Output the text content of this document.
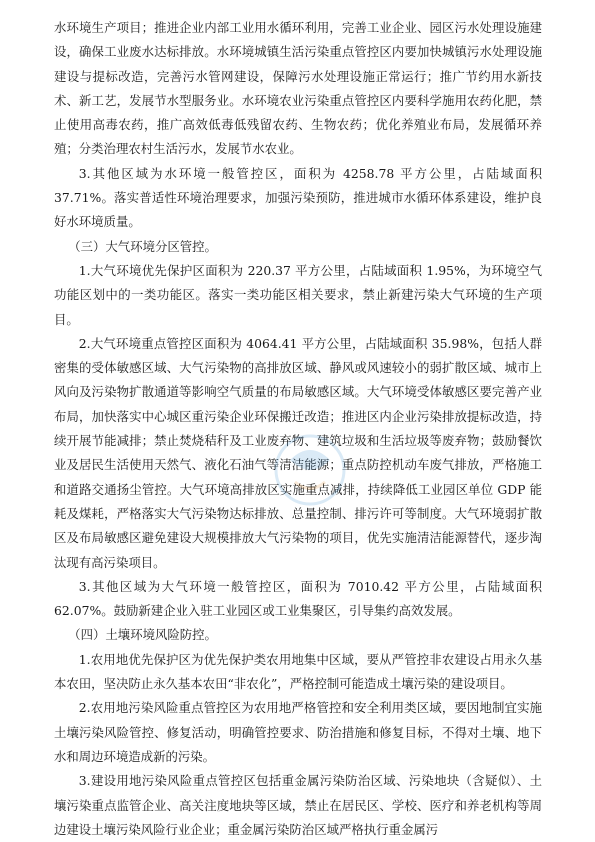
水环境生产项目；推进企业内部工业用水循环利用，完善工业企业、园区污水处理设施建设，确保工业废水达标排放。水环境城镇生活污染重点管控区内要加快城镇污水处理设施建设与提标改造，完善污水管网建设，保障污水处理设施正常运行；推广节约用水新技术、新工艺，发展节水型服务业。水环境农业污染重点管控区内要科学施用农药化肥，禁止使用高毒农药，推广高效低毒低残留农药、生物农药；优化养殖业布局，发展循环养殖；分类治理农村生活污水，发展节水农业。

3.其他区域为水环境一般管控区，面积为 4258.78 平方公里，占陆域面积 37.71%。落实普适性环境治理要求，加强污染预防，推进城市水循环体系建设，维护良好水环境质量。

（三）大气环境分区管控。

1.大气环境优先保护区面积为 220.37 平方公里，占陆域面积 1.95%，为环境空气功能区划中的一类功能区。落实一类功能区相关要求，禁止新建污染大气环境的生产项目。

2.大气环境重点管控区面积为 4064.41 平方公里，占陆域面积 35.98%，包括人群密集的受体敏感区域、大气污染物的高排放区域、静风或风速较小的弱扩散区域、城市上风向及污染物扩散通道等影响空气质量的布局敏感区域。大气环境受体敏感区要完善产业布局，加快落实中心城区重污染企业环保搬迁改造；推进区内企业污染排放提标改造，持续开展节能减排；禁止焚烧秸秆及工业废弃物、建筑垃圾和生活垃圾等废弃物；鼓励餐饮业及居民生活使用天然气、液化石油气等清洁能源；重点防控机动车废气排放，严格施工和道路交通扬尘管控。大气环境高排放区实施重点减排，持续降低工业园区单位 GDP 能耗及煤耗，严格落实大气污染物达标排放、总量控制、排污许可等制度。大气环境弱扩散区及布局敏感区避免建设大规模排放大气污染物的项目，优先实施清洁能源替代，逐步淘汰现有高污染项目。

3.其他区域为大气环境一般管控区，面积为 7010.42 平方公里，占陆域面积 62.07%。鼓励新建企业入驻工业园区或工业集聚区，引导集约高效发展。

（四）土壤环境风险防控。

1.农用地优先保护区为优先保护类农用地集中区域，要从严管控非农建设占用永久基本农田，坚决防止永久基本农田“非农化”，严格控制可能造成土壤污染的建设项目。

2.农用地污染风险重点管控区为农用地严格管控和安全利用类区域，要因地制宜实施土壤污染风险管控、修复活动，明确管控要求、防治措施和修复目标，不得对土壤、地下水和周边环境造成新的污染。

3.建设用地污染风险重点管控区包括重金属污染防治区域、污染地块（含疑似）、土壤污染重点监管企业、高关注度地块等区域，禁止在居民区、学校、医疗和养老机构等周边建设土壤污染风险行业企业；重金属污染防治区域严格执行重金属污
